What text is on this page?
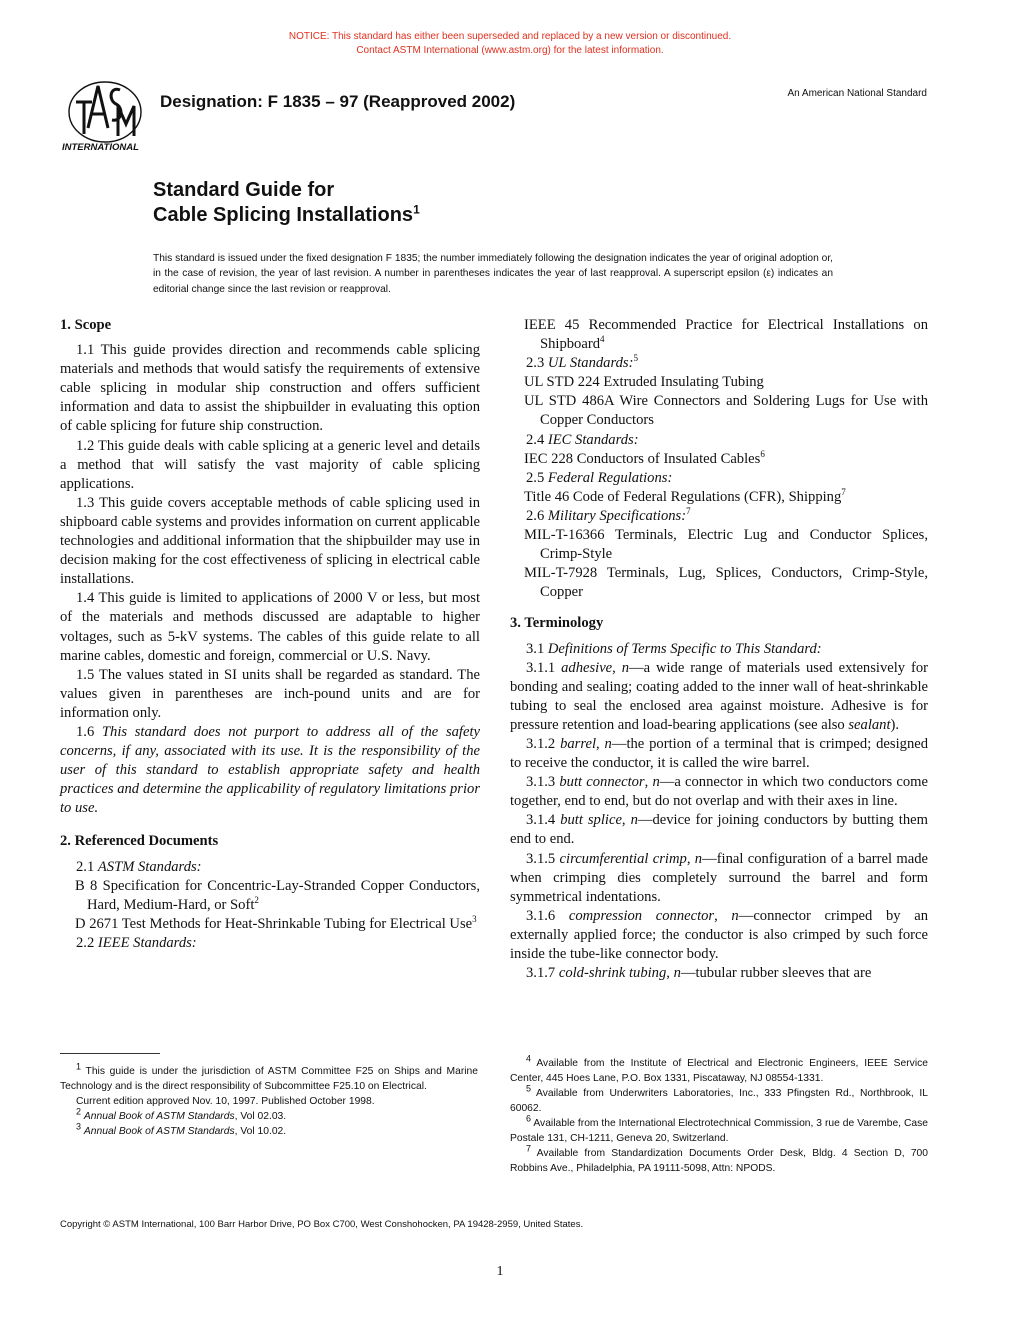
NOTICE: This standard has either been superseded and replaced by a new version or discontinued.
Contact ASTM International (www.astm.org) for the latest information.
INTERNATIONAL
Designation: F 1835 – 97 (Reapproved 2002)	An American National Standard
Standard Guide for
Cable Splicing Installations$^1$
This standard is issued under the fixed designation F 1835; the number immediately following the designation indicates the year of original adoption or, in the case of revision, the year of last revision. A number in parentheses indicates the year of last reapproval. A superscript epsilon (ε) indicates an editorial change since the last revision or reapproval.
1. Scope

1.1 This guide provides direction and recommends cable splicing materials and methods that would satisfy the requirements of extensive cable splicing in modular ship construction and offers sufficient information and data to assist the shipbuilder in evaluating this option of cable splicing for future ship construction.

1.2 This guide deals with cable splicing at a generic level and details a method that will satisfy the vast majority of cable splicing applications.

1.3 This guide covers acceptable methods of cable splicing used in shipboard cable systems and provides information on current applicable technologies and additional information that the shipbuilder may use in decision making for the cost effectiveness of splicing in electrical cable installations.

1.4 This guide is limited to applications of 2000 V or less, but most of the materials and methods discussed are adaptable to higher voltages, such as 5-kV systems. The cables of this guide relate to all marine cables, domestic and foreign, commercial or U.S. Navy.

1.5 The values stated in SI units shall be regarded as standard. The values given in parentheses are inch-pound units and are for information only.

1.6 This standard does not purport to address all of the safety concerns, if any, associated with its use. It is the responsibility of the user of this standard to establish appropriate safety and health practices and determine the applicability of regulatory limitations prior to use.

2. Referenced Documents

2.1 ASTM Standards:

B 8 Specification for Concentric-Lay-Stranded Copper Conductors, Hard, Medium-Hard, or Soft$^2$

D 2671 Test Methods for Heat-Shrinkable Tubing for Electrical Use$^3$

2.2 IEEE Standards:

IEEE 45 Recommended Practice for Electrical Installations on Shipboard$^4$

2.3 UL Standards:$^5$

UL STD 224 Extruded Insulating Tubing

UL STD 486A Wire Connectors and Soldering Lugs for Use with Copper Conductors

2.4 IEC Standards:

IEC 228 Conductors of Insulated Cables$^6$

2.5 Federal Regulations:

Title 46 Code of Federal Regulations (CFR), Shipping$^7$

2.6 Military Specifications:$^7$

MIL-T-16366 Terminals, Electric Lug and Conductor Splices, Crimp-Style

MIL-T-7928 Terminals, Lug, Splices, Conductors, Crimp-Style, Copper

3. Terminology

3.1 Definitions of Terms Specific to This Standard:

3.1.1 adhesive, n—a wide range of materials used extensively for bonding and sealing; coating added to the inner wall of heat-shrinkable tubing to seal the enclosed area against moisture. Adhesive is for pressure retention and load-bearing applications (see also sealant).

3.1.2 barrel, n—the portion of a terminal that is crimped; designed to receive the conductor, it is called the wire barrel.

3.1.3 butt connector, n—a connector in which two conductors come together, end to end, but do not overlap and with their axes in line.

3.1.4 butt splice, n—device for joining conductors by butting them end to end.

3.1.5 circumferential crimp, n—final configuration of a barrel made when crimping dies completely surround the barrel and form symmetrical indentations.

3.1.6 compression connector, n—connector crimped by an externally applied force; the conductor is also crimped by such force inside the tube-like connector body.

3.1.7 cold-shrink tubing, n—tubular rubber sleeves that are

$^1$ This guide is under the jurisdiction of ASTM Committee F25 on Ships and Marine Technology and is the direct responsibility of Subcommittee F25.10 on Electrical.

Current edition approved Nov. 10, 1997. Published October 1998.

$^2$ Annual Book of ASTM Standards, Vol 02.03.

$^3$ Annual Book of ASTM Standards, Vol 10.02.

$^4$ Available from the Institute of Electrical and Electronic Engineers, IEEE Service Center, 445 Hoes Lane, P.O. Box 1331, Piscataway, NJ 08554-1331.

$^5$ Available from Underwriters Laboratories, Inc., 333 Pfingsten Rd., Northbrook, IL 60062.

$^6$ Available from the International Electrotechnical Commission, 3 rue de Varembe, Case Postale 131, CH-1211, Geneva 20, Switzerland.

$^7$ Available from Standardization Documents Order Desk, Bldg. 4 Section D, 700 Robbins Ave., Philadelphia, PA 19111-5098, Attn: NPODS.

Copyright © ASTM International, 100 Barr Harbor Drive, PO Box C700, West Conshohocken, PA 19428-2959, United States.
1
